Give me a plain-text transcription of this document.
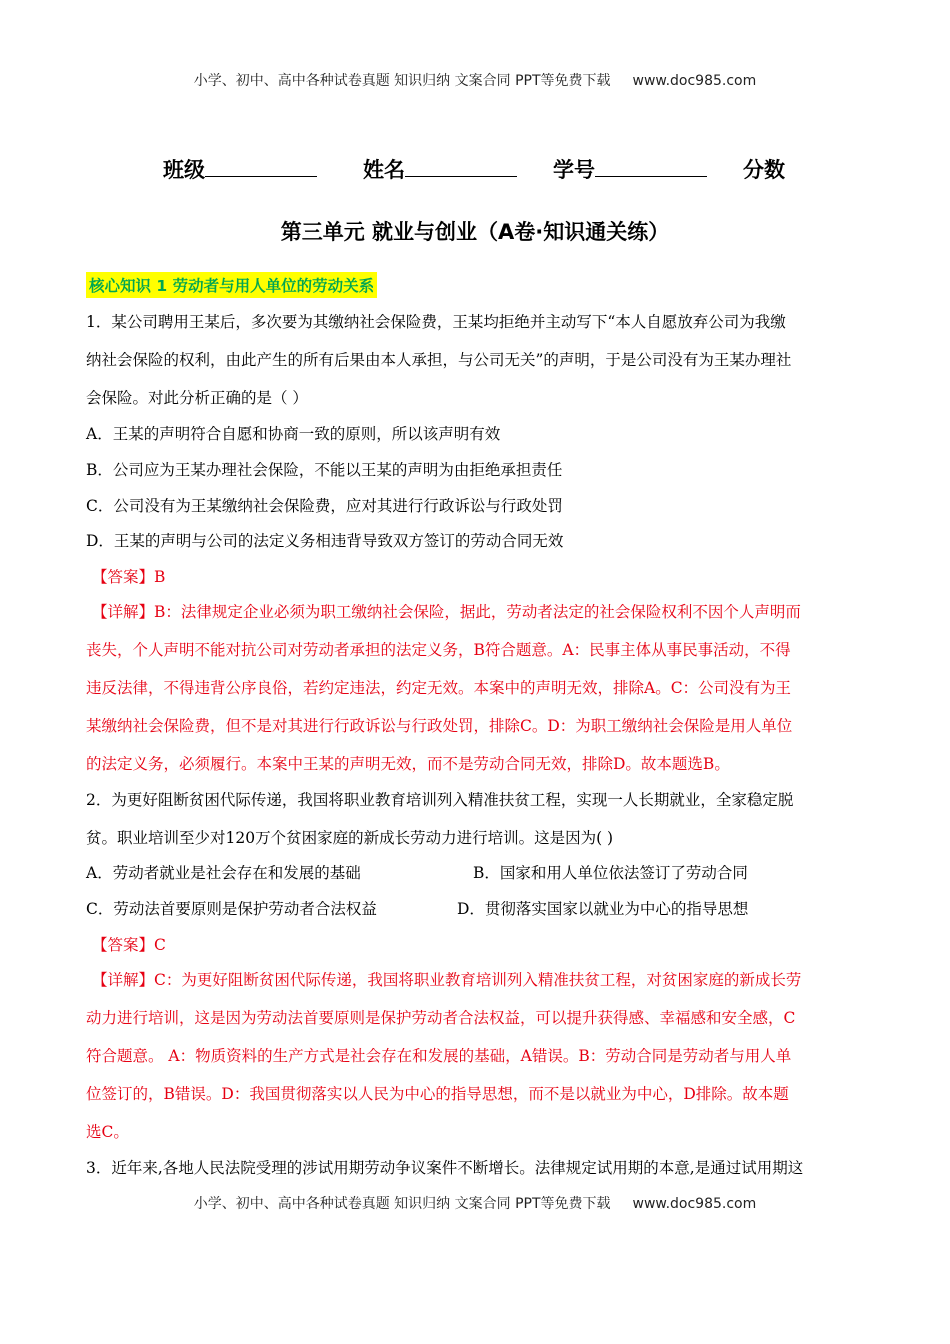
小学、初中、高中各种试卷真题 知识归纳 文案合同 PPT等免费下载 www.doc985.com
班级	姓名	学号	分数
第三单元 就业与创业（A卷·知识通关练）
核心知识 1 劳动者与用人单位的劳动关系
1．某公司聘用王某后，多次要为其缴纳社会保险费，王某均拒绝并主动写下“本人自愿放弃公司为我缴
纳社会保险的权利，由此产生的所有后果由本人承担，与公司无关”的声明，于是公司没有为王某办理社
会保险。对此分析正确的是（ ）
A．王某的声明符合自愿和协商一致的原则，所以该声明有效
B．公司应为王某办理社会保险，不能以王某的声明为由拒绝承担责任
C．公司没有为王某缴纳社会保险费，应对其进行行政诉讼与行政处罚
D．王某的声明与公司的法定义务相违背导致双方签订的劳动合同无效
【答案】B
【详解】B：法律规定企业必须为职工缴纳社会保险，据此，劳动者法定的社会保险权利不因个人声明而
丧失，个人声明不能对抗公司对劳动者承担的法定义务，B符合题意。A：民事主体从事民事活动，不得
违反法律，不得违背公序良俗，若约定违法，约定无效。本案中的声明无效，排除A。C：公司没有为王
某缴纳社会保险费，但不是对其进行行政诉讼与行政处罚，排除C。D：为职工缴纳社会保险是用人单位
的法定义务，必须履行。本案中王某的声明无效，而不是劳动合同无效，排除D。故本题选B。
2．为更好阻断贫困代际传递，我国将职业教育培训列入精准扶贫工程，实现一人长期就业，全家稳定脱
贫。职业培训至少对120万个贫困家庭的新成长劳动力进行培训。这是因为( )
A．劳动者就业是社会存在和发展的基础	B．国家和用人单位依法签订了劳动合同
C．劳动法首要原则是保护劳动者合法权益	D．贯彻落实国家以就业为中心的指导思想
【答案】C
【详解】C：为更好阻断贫困代际传递，我国将职业教育培训列入精准扶贫工程，对贫困家庭的新成长劳
动力进行培训，这是因为劳动法首要原则是保护劳动者合法权益，可以提升获得感、幸福感和安全感，C
符合题意。 A：物质资料的生产方式是社会存在和发展的基础，A错误。B：劳动合同是劳动者与用人单
位签订的，B错误。D：我国贯彻落实以人民为中心的指导思想，而不是以就业为中心，D排除。故本题
选C。
3．近年来,各地人民法院受理的涉试用期劳动争议案件不断增长。法律规定试用期的本意,是通过试用期这
小学、初中、高中各种试卷真题 知识归纳 文案合同 PPT等免费下载 www.doc985.com
